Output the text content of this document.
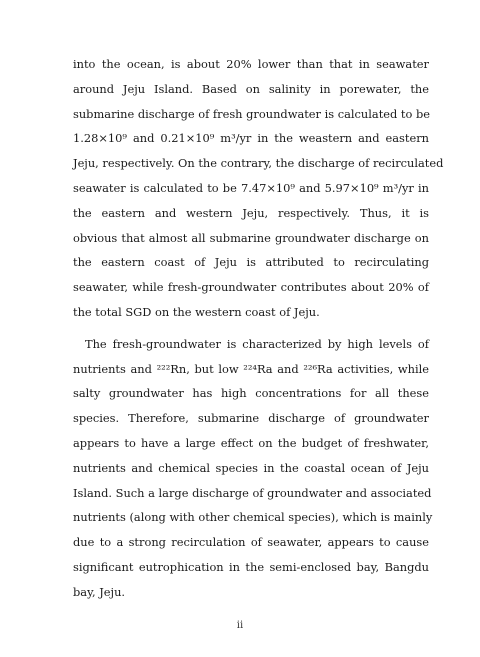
into the ocean, is about 20% lower than that in seawater
around Jeju Island. Based on salinity in porewater, the
submarine discharge of fresh groundwater is calculated to be
1.28×10⁹ and 0.21×10⁹ m³/yr in the weastern and eastern
Jeju, respectively. On the contrary, the discharge of recirculated
seawater is calculated to be 7.47×10⁹ and 5.97×10⁹ m³/yr in
the eastern and western Jeju, respectively. Thus, it is
obvious that almost all submarine groundwater discharge on
the eastern coast of Jeju is attributed to recirculating
seawater, while fresh-groundwater contributes about 20% of
the total SGD on the western coast of Jeju.
The fresh-groundwater is characterized by high levels of
nutrients and ²²²Rn, but low ²²⁴Ra and ²²⁶Ra activities, while
salty groundwater has high concentrations for all these
species. Therefore, submarine discharge of groundwater
appears to have a large effect on the budget of freshwater,
nutrients and chemical species in the coastal ocean of Jeju
Island. Such a large discharge of groundwater and associated
nutrients (along with other chemical species), which is mainly
due to a strong recirculation of seawater, appears to cause
significant eutrophication in the semi-enclosed bay, Bangdu
bay, Jeju.
ii
